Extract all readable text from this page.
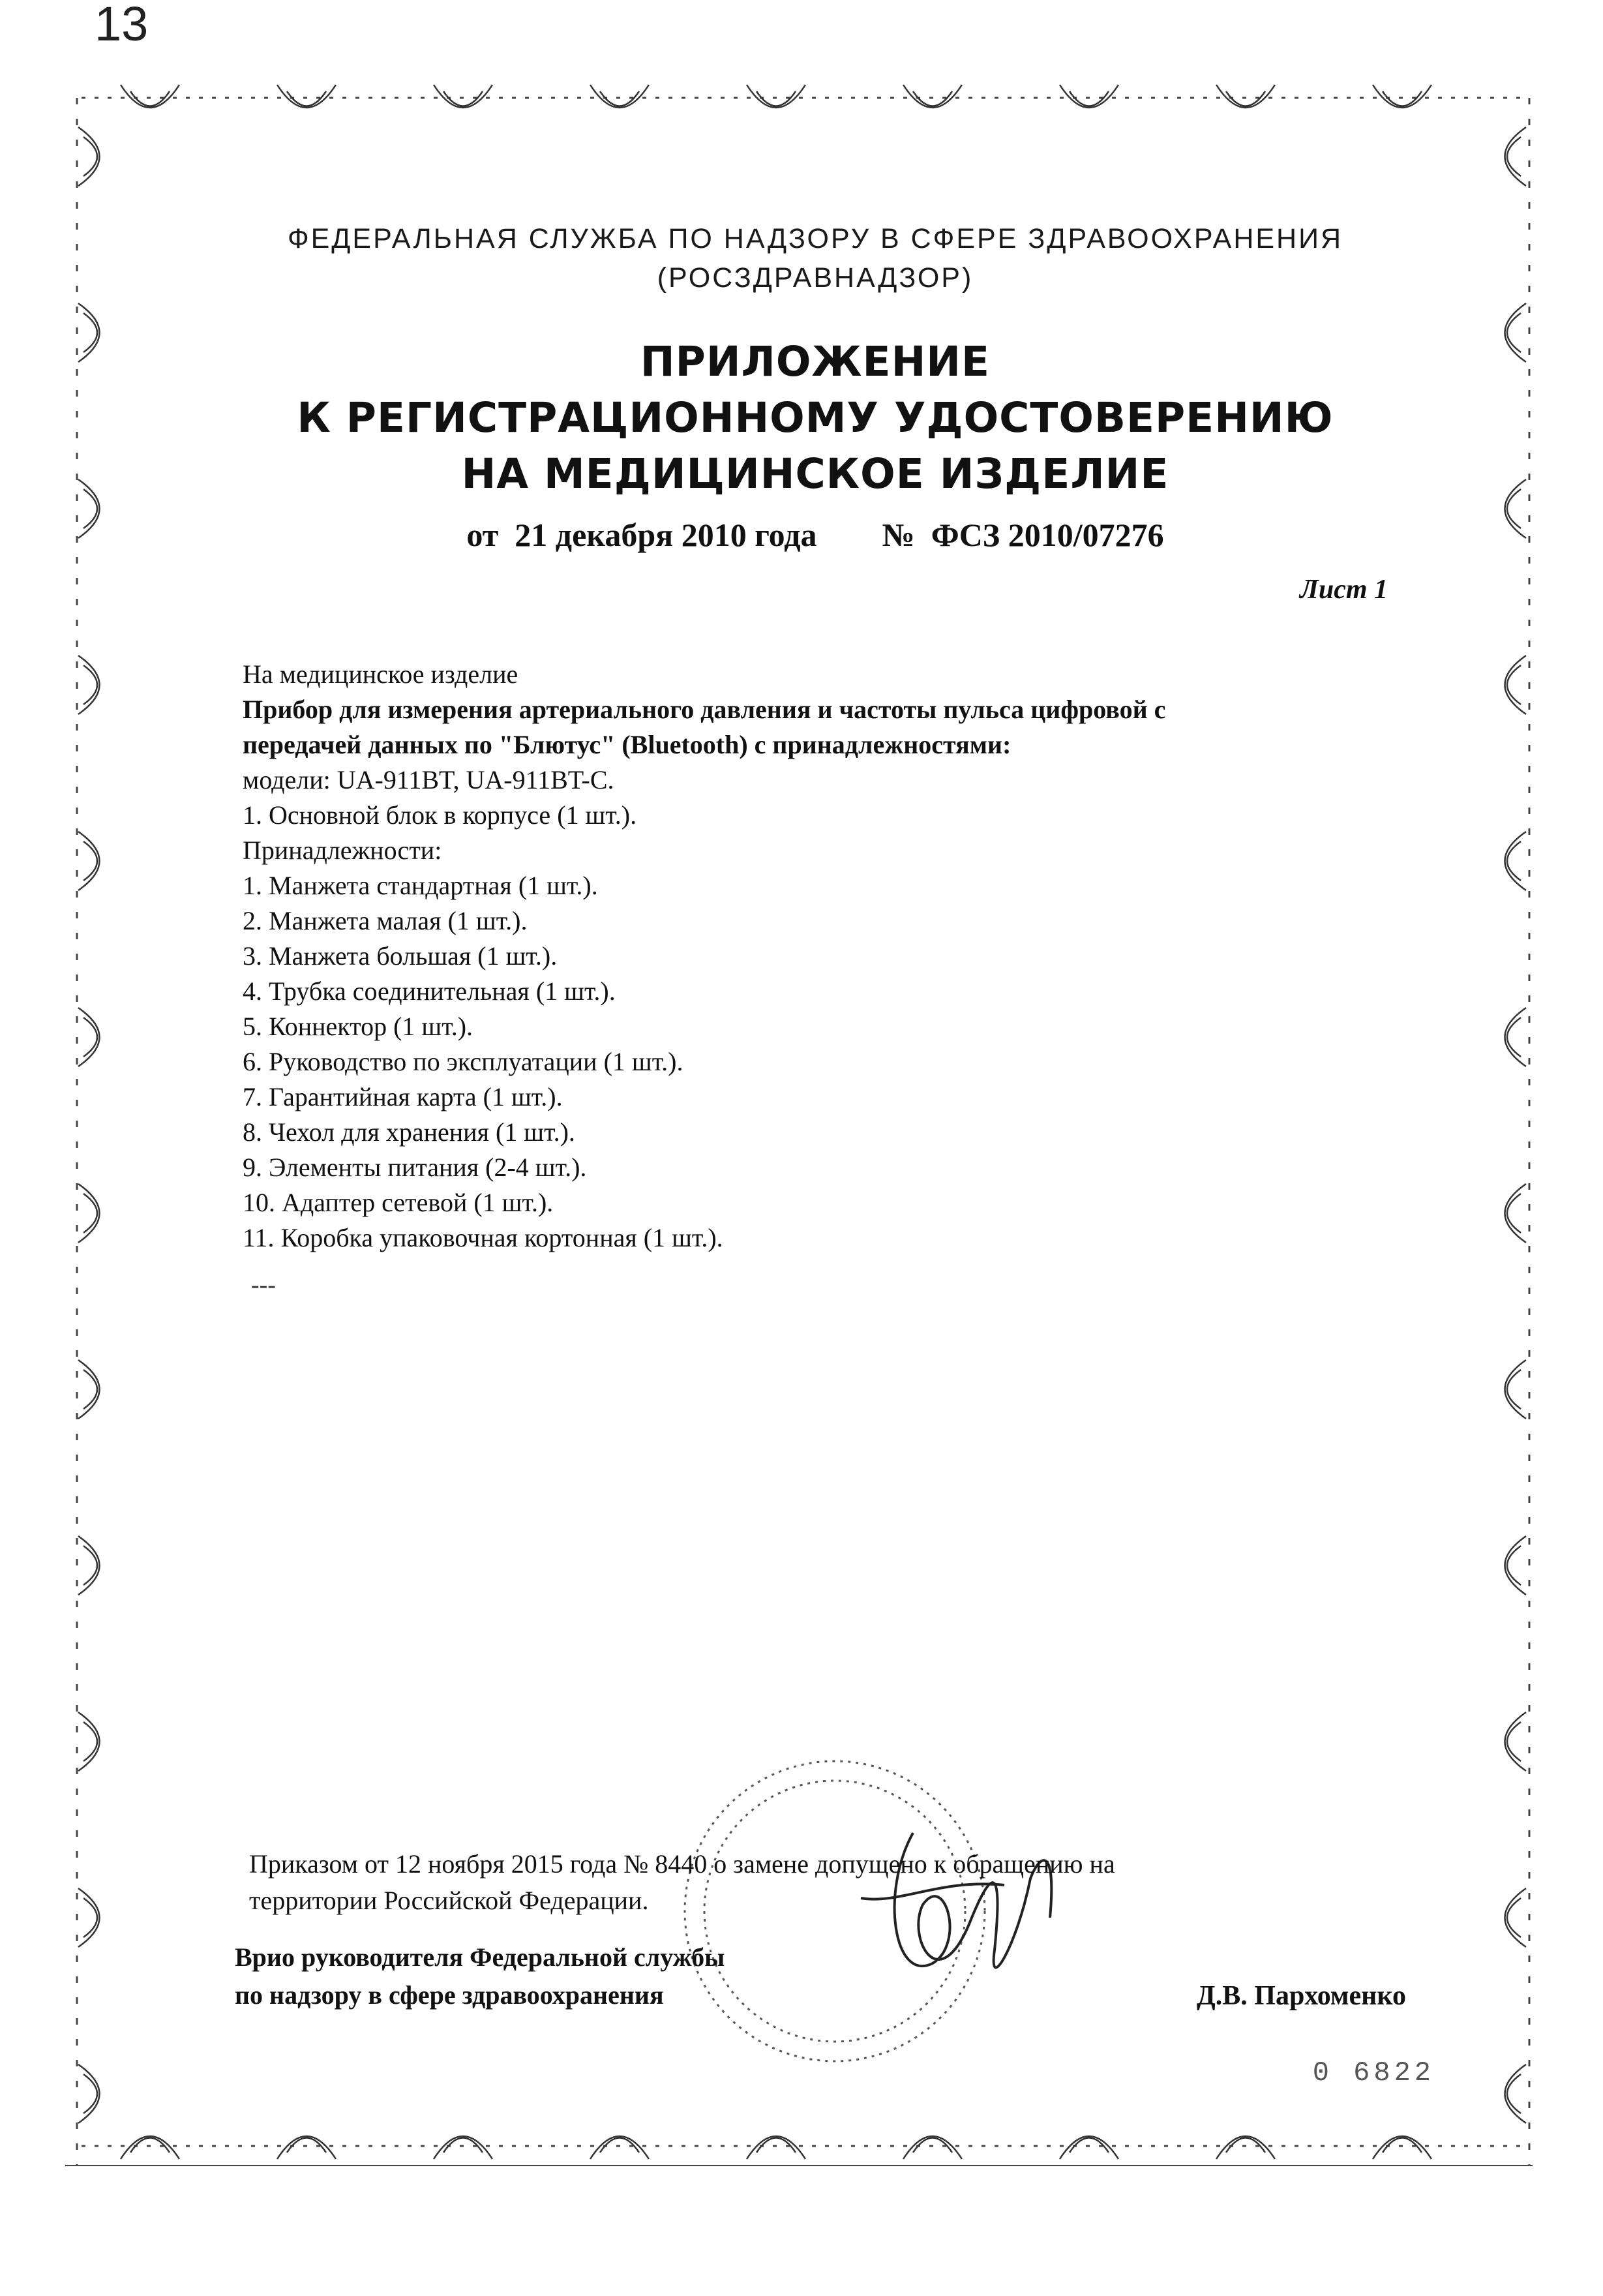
13
ФЕДЕРАЛЬНАЯ СЛУЖБА ПО НАДЗОРУ В СФЕРЕ ЗДРАВООХРАНЕНИЯ
(РОСЗДРАВНАДЗОР)
ПРИЛОЖЕНИЕ
К РЕГИСТРАЦИОННОМУ УДОСТОВЕРЕНИЮ
НА МЕДИЦИНСКОЕ ИЗДЕЛИЕ
от  21 декабря 2010 года №  ФСЗ 2010/07276
Лист 1
На медицинское изделие
Прибор для измерения артериального давления и частоты пульса цифровой с
передачей данных по "Блютус" (Bluetooth) с принадлежностями:
модели: UA-911BT, UA-911BT-C.
1. Основной блок в корпусе (1 шт.).
Принадлежности:
1. Манжета стандартная (1 шт.).
2. Манжета малая (1 шт.).
3. Манжета большая (1 шт.).
4. Трубка соединительная (1 шт.).
5. Коннектор (1 шт.).
6. Руководство по эксплуатации (1 шт.).
7. Гарантийная карта (1 шт.).
8. Чехол для хранения (1 шт.).
9. Элементы питания (2-4 шт.).
10. Адаптер сетевой (1 шт.).
11. Коробка упаковочная кортонная (1 шт.).
---
Приказом от 12 ноября 2015 года № 8440 о замене допущено к обращению на
территории Российской Федерации.
Врио руководителя Федеральной службы
по надзору в сфере здравоохранения	Д.В. Пархоменко
0 6822
